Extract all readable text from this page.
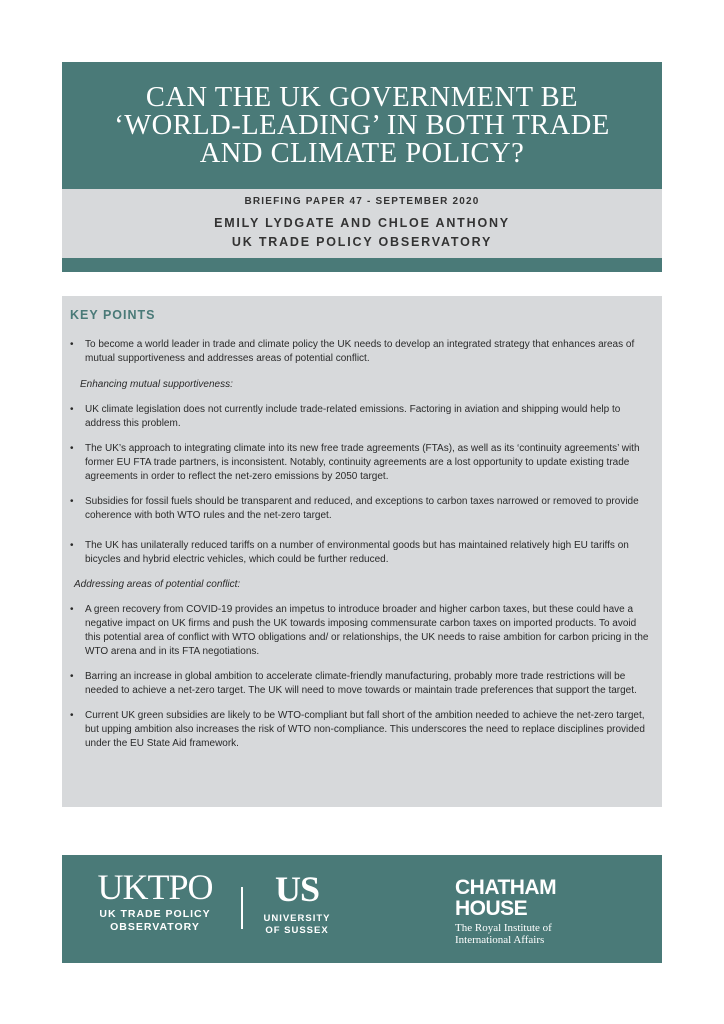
CAN THE UK GOVERNMENT BE
‘WORLD-LEADING’ IN BOTH TRADE
AND CLIMATE POLICY?
BRIEFING PAPER 47 - SEPTEMBER 2020
EMILY LYDGATE AND CHLOE ANTHONY
UK TRADE POLICY OBSERVATORY
KEY POINTS
• To become a world leader in trade and climate policy the UK needs to develop an integrated strategy that enhances areas of mutual supportiveness and addresses areas of potential conflict.
Enhancing mutual supportiveness:
• UK climate legislation does not currently include trade-related emissions. Factoring in aviation and shipping would help to address this problem.
• The UK’s approach to integrating climate into its new free trade agreements (FTAs), as well as its ‘continuity agreements’ with former EU FTA trade partners, is inconsistent. Notably, continuity agreements are a lost opportunity to update existing trade agreements in order to reflect the net-zero emissions by 2050 target.
• Subsidies for fossil fuels should be transparent and reduced, and exceptions to carbon taxes narrowed or removed to provide coherence with both WTO rules and the net-zero target.
• The UK has unilaterally reduced tariffs on a number of environmental goods but has maintained relatively high EU tariffs on bicycles and hybrid electric vehicles, which could be further reduced.
Addressing areas of potential conflict:
• A green recovery from COVID-19 provides an impetus to introduce broader and higher carbon taxes, but these could have a negative impact on UK firms and push the UK towards imposing commensurate carbon taxes on imported products. To avoid this potential area of conflict with WTO obligations and/ or relationships, the UK needs to raise ambition for carbon pricing in the WTO arena and in its FTA negotiations.
• Barring an increase in global ambition to accelerate climate-friendly manufacturing, probably more trade restrictions will be needed to achieve a net-zero target. The UK will need to move towards or maintain trade preferences that support the target.
• Current UK green subsidies are likely to be WTO-compliant but fall short of the ambition needed to achieve the net-zero target, but upping ambition also increases the risk of WTO non-compliance. This underscores the need to replace disciplines provided under the EU State Aid framework.
UKTPO
UK TRADE POLICY
OBSERVATORY
US
UNIVERSITY
OF SUSSEX
CHATHAM
HOUSE
The Royal Institute of
International Affairs
